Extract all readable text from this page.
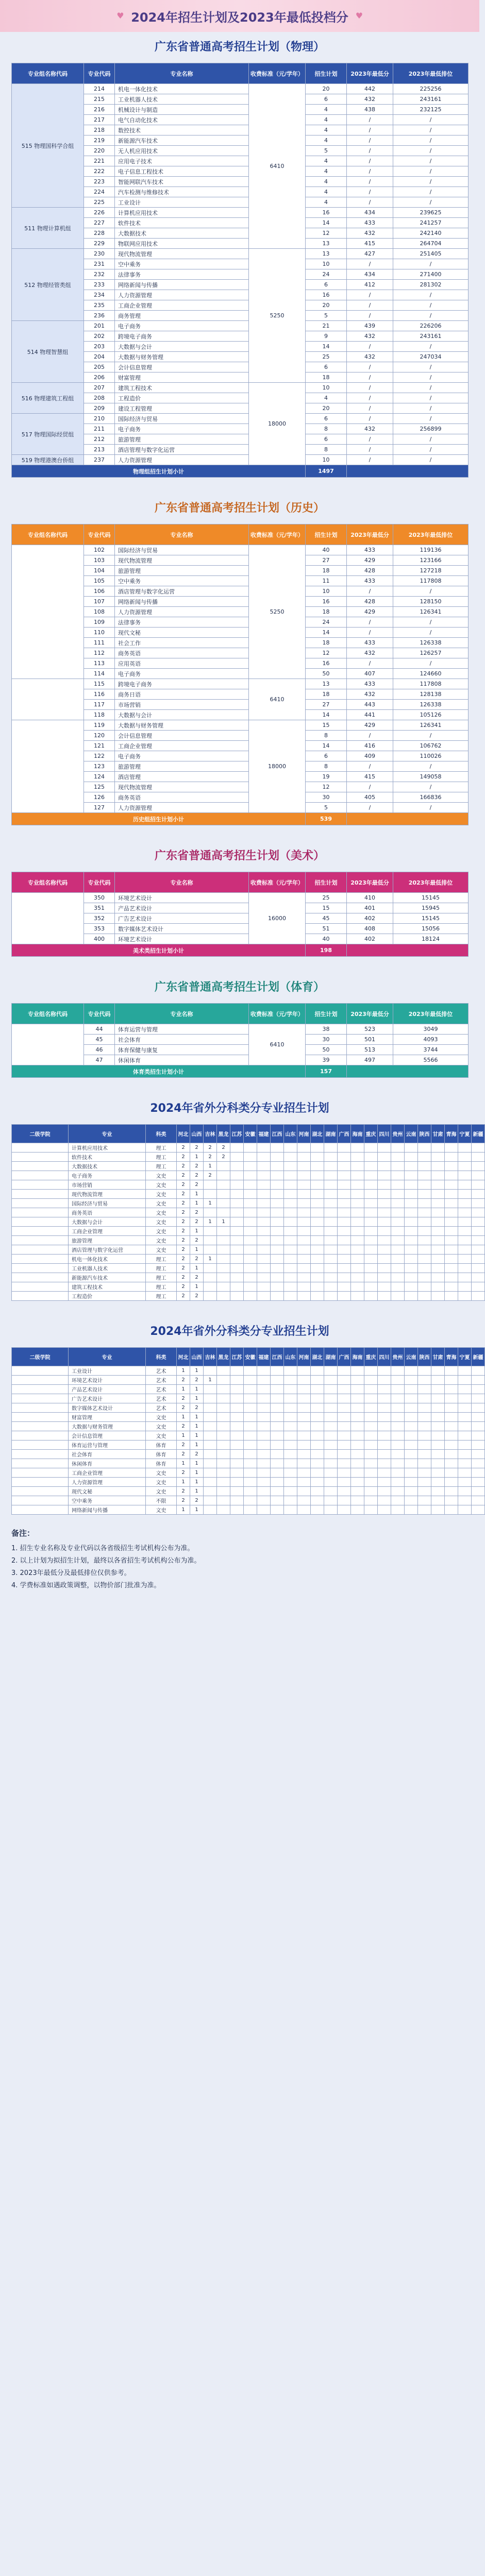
♥ 2024年招生计划及2023年最低投档分 ♥
广东省普通高考招生计划（物理）
专业组名称代码	专业代码	专业名称	收费标准（元/学年）	招生计划	2023年最低分	2023年最低排位
515 物理国科学合组	214	机电一体化技术	6410	20	442	225256
	215	工业机器人技术		6	432	243161
	216	机械设计与制造		4	438	232125
	217	电气自动化技术		4	/	/
	218	数控技术		4	/	/
	219	新能源汽车技术		4	/	/
	220	无人机应用技术		5	/	/
	221	应用电子技术		4	/	/
	222	电子信息工程技术		4	/	/
	223	智能网联汽车技术		4	/	/
	224	汽车检测与维修技术		4	/	/
	225	工业设计		4	/	/
511 物理计算机组	226	计算机应用技术		16	434	239625
	227	软件技术		14	433	241257
	228	大数据技术		12	432	242140
	229	物联网应用技术		13	415	264704
512 物理经管类组	230	现代物流管理	5250	13	427	251405
	231	空中乘务		10	/	/
	232	法律事务		24	434	271400
	233	网络新闻与传播		6	412	281302
	234	人力资源管理		16	/	/
	235	工商企业管理		20	/	/
	236	商务管理		5	/	/
514 物理智慧组	201	电子商务		21	439	226206
	202	跨境电子商务		9	432	243161
	203	大数据与会计		14	/	/
	204	大数据与财务管理		25	432	247034
	205	会计信息管理		6	/	/
	206	财富管理		18	/	/
516 物理建筑工程组	207	建筑工程技术	18000	10	/	/
	208	工程造价		4	/	/
	209	建设工程管理		20	/	/
517 物理国际经贸组	210	国际经济与贸易		6	/	/
	211	电子商务		8	432	256899
	212	旅游管理		6	/	/
	213	酒店管理与数字化运营		8	/	/
519 物理港澳台侨组	237	人力资源管理		10	/	/
物理组招生计划小计				1497		
广东省普通高考招生计划（历史）
专业组名称代码	专业代码	专业名称	收费标准（元/学年）	招生计划	2023年最低分	2023年最低排位
	102	国际经济与贸易	5250	40	433	119136
	103	现代物流管理		27	429	123166
	104	旅游管理		18	428	127218
	105	空中乘务		11	433	117808
	106	酒店管理与数字化运营		10	/	/
	107	网络新闻与传播		16	428	128150
	108	人力资源管理		18	429	126341
	109	法律事务		24	/	/
	110	现代文秘		14	/	/
	111	社会工作		18	433	126338
	112	商务英语		12	432	126257
	113	应用英语		16	/	/
	114	电子商务		50	407	124660
	115	跨境电子商务	6410	13	433	117808
	116	商务日语		18	432	128138
	117	市场营销		27	443	126338
	118	大数据与会计		14	441	105126
	119	大数据与财务管理	18000	15	429	126341
	120	会计信息管理		8	/	/
	121	工商企业管理		14	416	106762
	122	电子商务		6	409	110026
	123	旅游管理		8	/	/
	124	酒店管理		19	415	149058
	125	现代物流管理		12	/	/
	126	商务英语		30	405	166836
	127	人力资源管理		5	/	/
历史组招生计划小计				539		
广东省普通高考招生计划（美术）
专业组名称代码	专业代码	专业名称	收费标准（元/学年）	招生计划	2023年最低分	2023年最低排位
	350	环境艺术设计	16000	25	410	15145
	351	产品艺术设计		15	401	15945
	352	广告艺术设计		45	402	15145
	353	数字媒体艺术设计		51	408	15056
	400	环境艺术设计		40	402	18124
美术类招生计划小计				198		
广东省普通高考招生计划（体育）
专业组名称代码	专业代码	专业名称	收费标准（元/学年）	招生计划	2023年最低分	2023年最低排位
	44	体育运营与管理	6410	38	523	3049
	45	社会体育		30	501	4093
	46	体育保健与康复		50	513	3744
	47	休闲体育		39	497	5566
体育类招生计划小计				157		
2024年省外分科类分专业招生计划
二级学院	专业	科类	河北	山西	吉林	黑龙	江苏	安徽	福建	江西	山东	河南	湖北	湖南	广西	海南	重庆	四川	贵州	云南	陕西	甘肃	青海	宁夏	新疆
	计算机应用技术	理工	2	2	2	2																			
	软件技术	理工	2	1	2	2																			
	大数据技术	理工	2	2	1																				
	电子商务	文史	2	2	2																				
	市场营销	文史	2	2																					
	现代物流管理	文史	2	1																					
	国际经济与贸易	文史	2	1	1																				
	商务英语	文史	2	2																					
	大数据与会计	文史	2	2	1	1																			
	工商企业管理	文史	2	1																					
	旅游管理	文史	2	2																					
	酒店管理与数字化运营	文史	2	1																					
	机电一体化技术	理工	2	2	1																				
	工业机器人技术	理工	2	1																					
	新能源汽车技术	理工	2	2																					
	建筑工程技术	理工	2	1																					
	工程造价	理工	2	2																					
2024年省外分科类分专业招生计划
二级学院	专业	科类	河北	山西	吉林	黑龙	江苏	安徽	福建	江西	山东	河南	湖北	湖南	广西	海南	重庆	四川	贵州	云南	陕西	甘肃	青海	宁夏	新疆
	工业设计	艺术	1	1																					
	环境艺术设计	艺术	2	2	1																				
	产品艺术设计	艺术	1	1																					
	广告艺术设计	艺术	2	1																					
	数字媒体艺术设计	艺术	2	2																					
	财富管理	文史	1	1																					
	大数据与财务管理	文史	2	1																					
	会计信息管理	文史	1	1																					
	体育运营与管理	体育	2	1																					
	社会体育	体育	2	2																					
	休闲体育	体育	1	1																					
	工商企业管理	文史	2	1																					
	人力资源管理	文史	1	1																					
	现代文秘	文史	2	1																					
	空中乘务	不限	2	2																					
	网络新闻与传播	文史	1	1																					
备注：
1. 招生专业名称及专业代码以各省级招生考试机构公布为准。
2. 以上计划为拟招生计划，最终以各省招生考试机构公布为准。
3. 2023年最低分及最低排位仅供参考。
4. 学费标准如遇政策调整，以物价部门批准为准。
